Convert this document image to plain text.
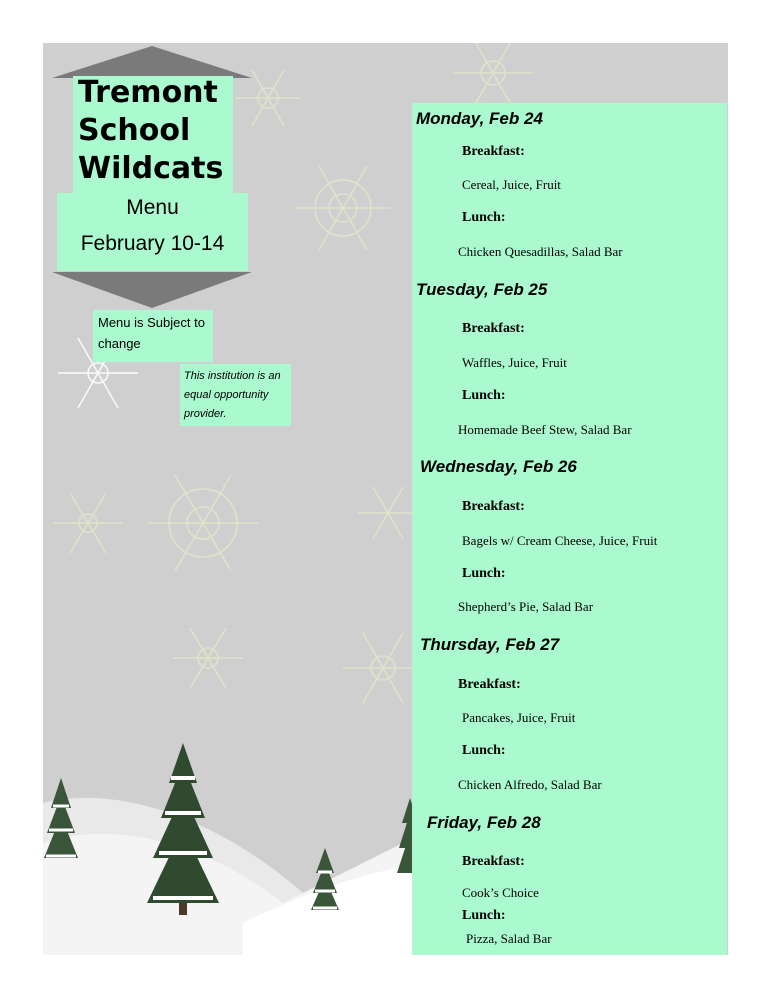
Tremont
School
Wildcats
Menu
February 10-14
Menu is Subject to change
This institution is an equal opportunity provider.
Monday, Feb 24
Breakfast:
Cereal, Juice, Fruit
Lunch:
Chicken Quesadillas, Salad Bar
Tuesday, Feb 25
Breakfast:
Waffles, Juice, Fruit
Lunch:
Homemade Beef Stew, Salad Bar
Wednesday, Feb 26
Breakfast:
Bagels w/ Cream Cheese, Juice, Fruit
Lunch:
Shepherd’s Pie, Salad Bar
Thursday, Feb 27
Breakfast:
Pancakes, Juice, Fruit
Lunch:
Chicken Alfredo, Salad Bar
Friday, Feb 28
Breakfast:
Cook’s Choice
Lunch:
Pizza, Salad Bar
